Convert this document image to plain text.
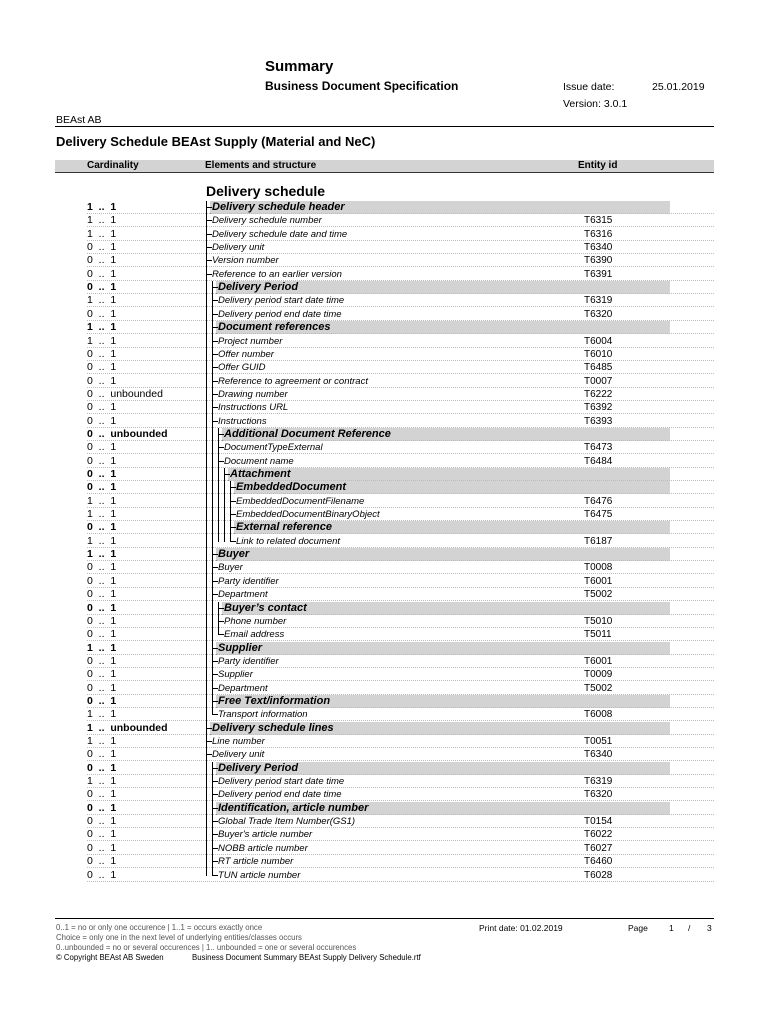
Summary
Business Document Specification	Issue date:	25.01.2019
Version: 3.0.1
BEAst AB
Delivery Schedule BEAst Supply (Material and NeC)
Cardinality	Elements and structure	Entity id
Delivery schedule
1  ..  1	Delivery schedule header
1  ..  1	Delivery schedule number	T6315
1  ..  1	Delivery schedule date and time	T6316
0  ..  1	Delivery unit	T6340
0  ..  1	Version number	T6390
0  ..  1	Reference to an earlier version	T6391
0  ..  1	Delivery Period
1  ..  1	Delivery period start date time	T6319
0  ..  1	Delivery period end date time	T6320
1  ..  1	Document references
1  ..  1	Project number	T6004
0  ..  1	Offer number	T6010
0  ..  1	Offer GUID	T6485
0  ..  1	Reference to agreement or contract	T0007
0  ..  unbounded	Drawing number	T6222
0  ..  1	Instructions URL	T6392
0  ..  1	Instructions	T6393
0  ..  unbounded	Additional Document Reference
0  ..  1	DocumentTypeExternal	T6473
0  ..  1	Document name	T6484
0  ..  1	Attachment
0  ..  1	EmbeddedDocument
1  ..  1	EmbeddedDocumentFilename	T6476
1  ..  1	EmbeddedDocumentBinaryObject	T6475
0  ..  1	External reference
1  ..  1	Link to related document	T6187
1  ..  1	Buyer
0  ..  1	Buyer	T0008
0  ..  1	Party identifier	T6001
0  ..  1	Department	T5002
0  ..  1	Buyer’s contact
0  ..  1	Phone number	T5010
0  ..  1	Email address	T5011
1  ..  1	Supplier
0  ..  1	Party identifier	T6001
0  ..  1	Supplier	T0009
0  ..  1	Department	T5002
0  ..  1	Free Text/information
1  ..  1	Transport information	T6008
1  ..  unbounded	Delivery schedule lines
1  ..  1	Line number	T0051
0  ..  1	Delivery unit	T6340
0  ..  1	Delivery Period
1  ..  1	Delivery period start date time	T6319
0  ..  1	Delivery period end date time	T6320
0  ..  1	Identification, article number
0  ..  1	Global Trade Item Number(GS1)	T0154
0  ..  1	Buyer's article number	T6022
0  ..  1	NOBB article number	T6027
0  ..  1	RT article number	T6460
0  ..  1	TUN article number	T6028
0..1 = no or only one occurence | 1..1 = occurs exactly once
Choice = only one in the next level of underlying entities/classes occurs
0..unbounded = no or several occurences | 1.. unbounded = one or several occurences
© Copyright BEAst AB Sweden	Business Document Summary BEAst Supply Delivery Schedule.rtf
Print date: 01.02.2019	Page 1 / 3
